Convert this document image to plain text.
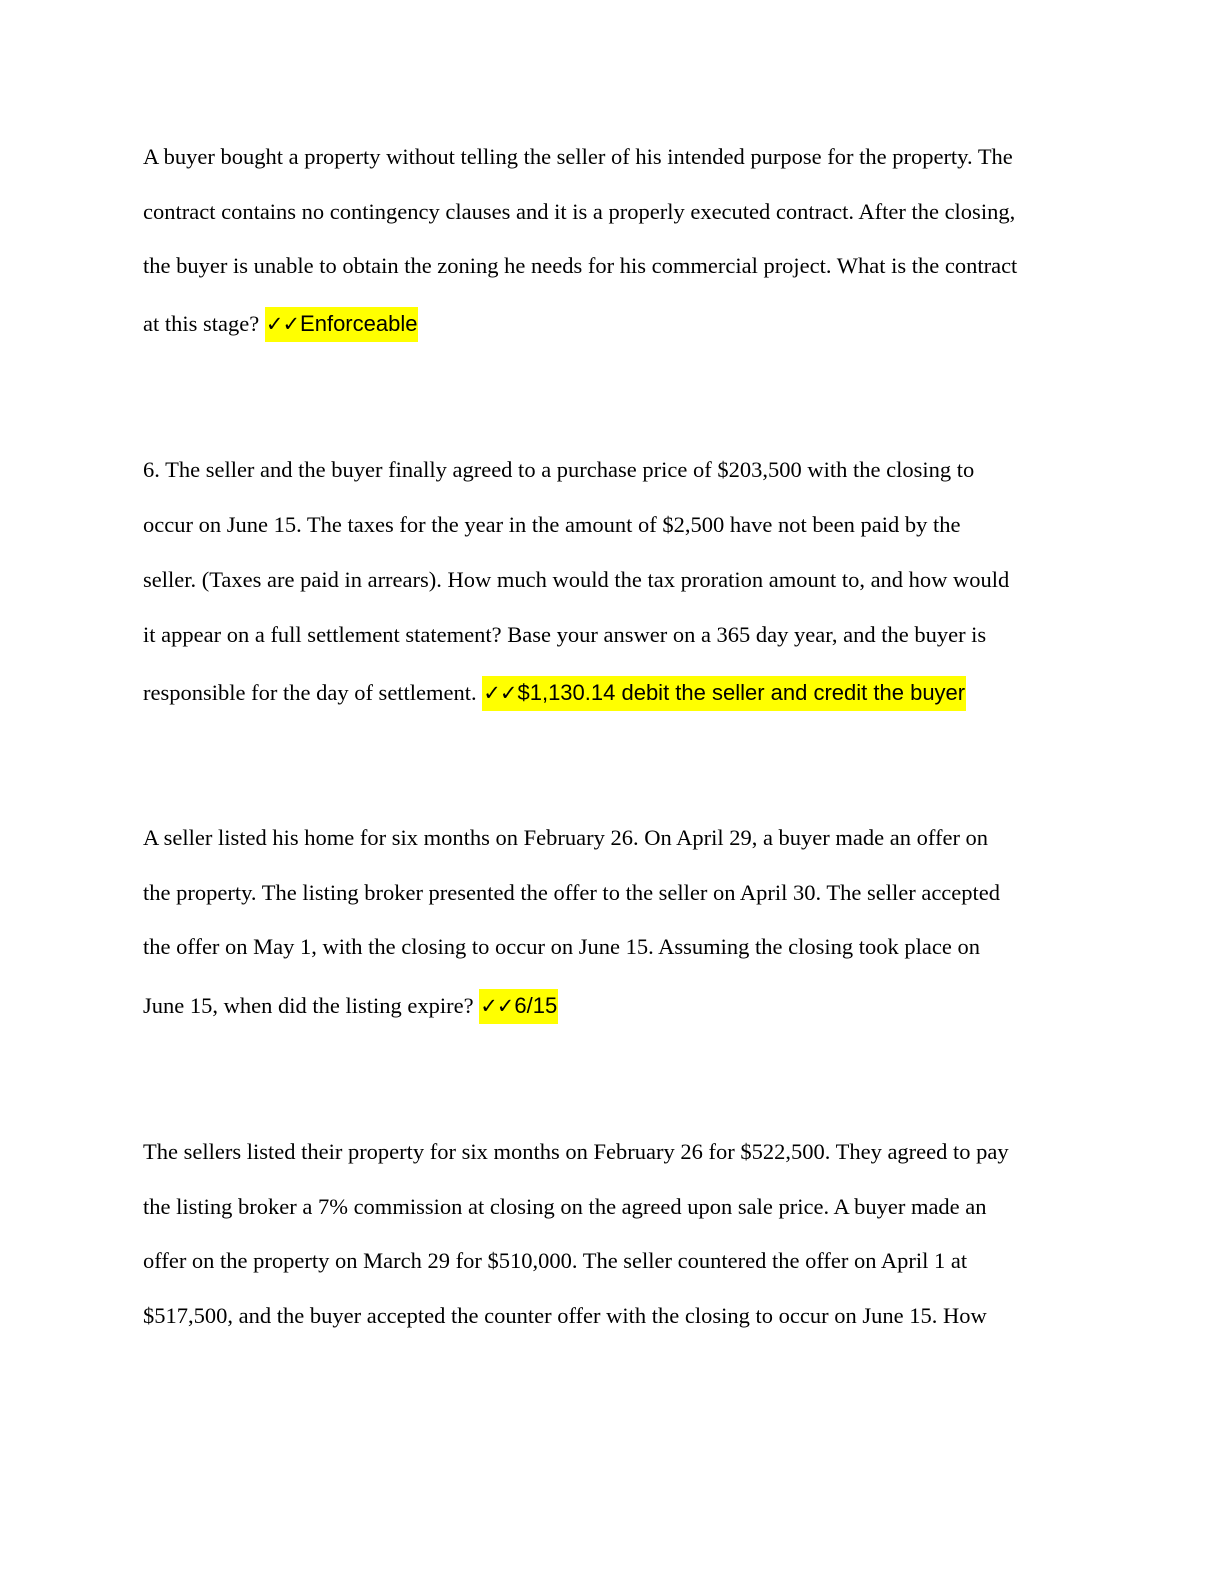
A buyer bought a property without telling the seller of his intended purpose for the property. The
contract contains no contingency clauses and it is a properly executed contract. After the closing,
the buyer is unable to obtain the zoning he needs for his commercial project. What is the contract
at this stage? ✓✓Enforceable
6. The seller and the buyer finally agreed to a purchase price of $203,500 with the closing to
occur on June 15. The taxes for the year in the amount of $2,500 have not been paid by the
seller. (Taxes are paid in arrears). How much would the tax proration amount to, and how would
it appear on a full settlement statement? Base your answer on a 365 day year, and the buyer is
responsible for the day of settlement. ✓✓$1,130.14 debit the seller and credit the buyer
A seller listed his home for six months on February 26. On April 29, a buyer made an offer on
the property. The listing broker presented the offer to the seller on April 30. The seller accepted
the offer on May 1, with the closing to occur on June 15. Assuming the closing took place on
June 15, when did the listing expire? ✓✓6/15
The sellers listed their property for six months on February 26 for $522,500. They agreed to pay
the listing broker a 7% commission at closing on the agreed upon sale price. A buyer made an
offer on the property on March 29 for $510,000. The seller countered the offer on April 1 at
$517,500, and the buyer accepted the counter offer with the closing to occur on June 15. How
